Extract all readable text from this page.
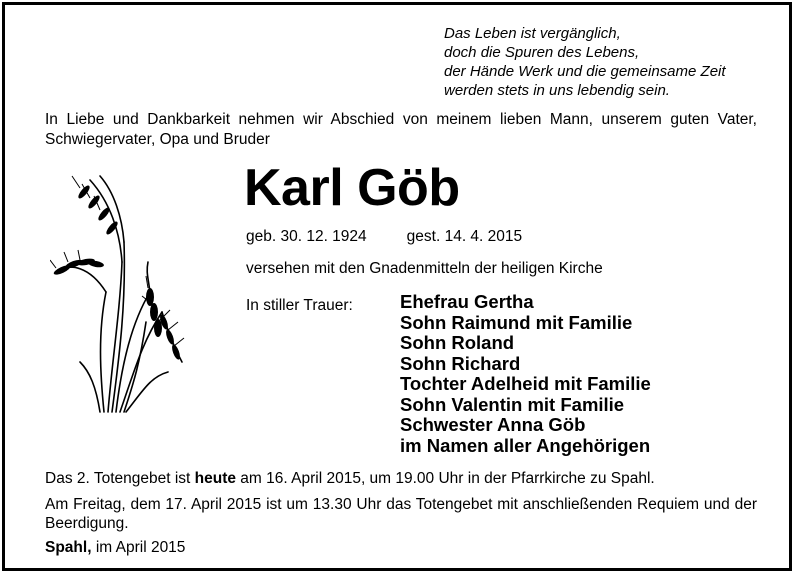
Das Leben ist vergänglich,
doch die Spuren des Lebens,
der Hände Werk und die gemeinsame Zeit
werden stets in uns lebendig sein.
In Liebe und Dankbarkeit nehmen wir Abschied von meinem lieben Mann, unserem guten Vater, Schwiegervater, Opa und Bruder
Karl Göb
geb. 30. 12. 1924	gest. 14. 4. 2015
versehen mit den Gnadenmitteln der heiligen Kirche
In stiller Trauer:	Ehefrau Gertha
Sohn Raimund mit Familie
Sohn Roland
Sohn Richard
Tochter Adelheid mit Familie
Sohn Valentin mit Familie
Schwester Anna Göb
im Namen aller Angehörigen
Das 2. Totengebet ist heute am 16. April 2015, um 19.00 Uhr in der Pfarrkirche zu Spahl.
Am Freitag, dem 17. April 2015 ist um 13.30 Uhr das Totengebet mit anschließenden Requiem und der Beerdigung.
Spahl, im April 2015
